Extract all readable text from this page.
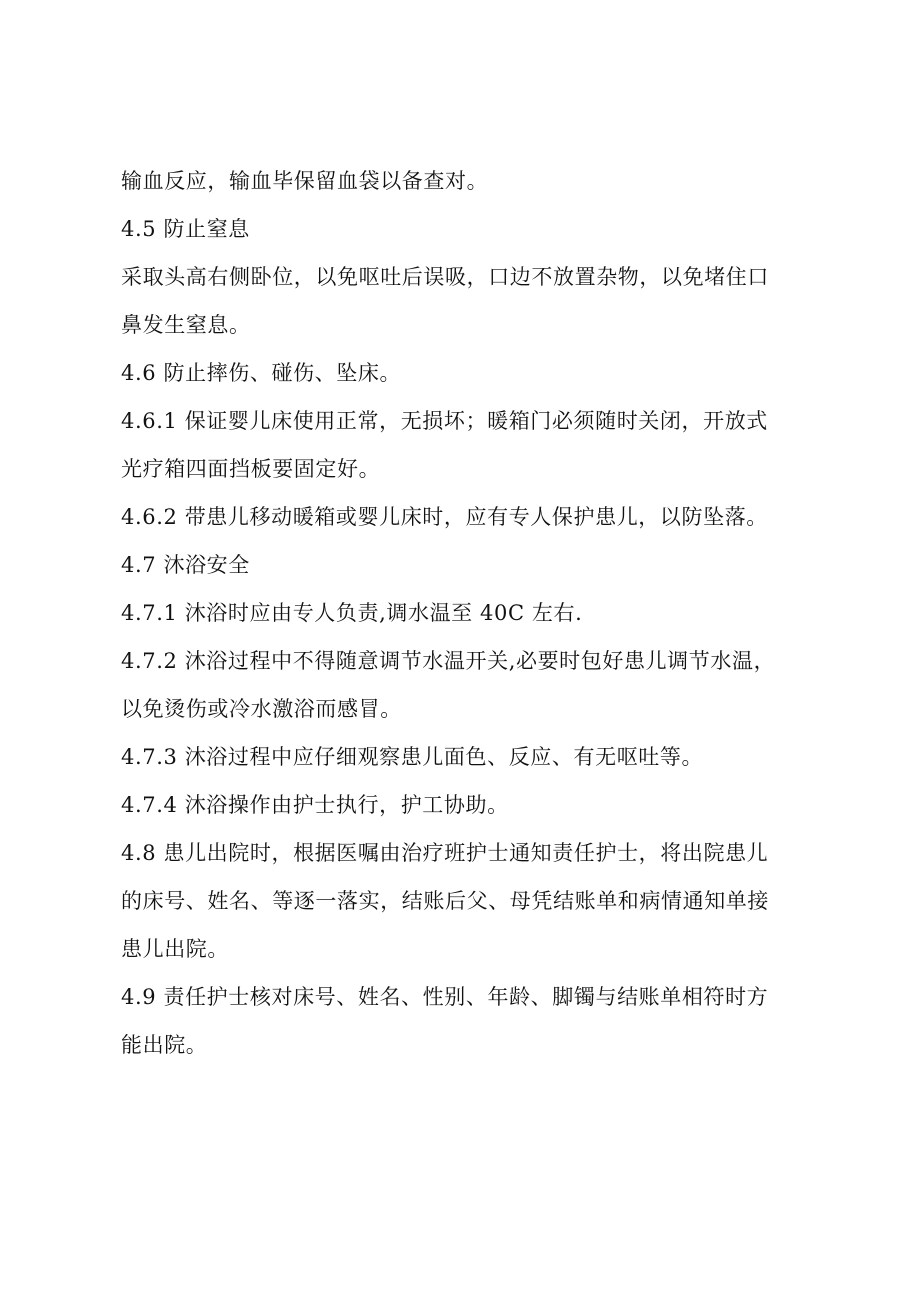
输血反应，输血毕保留血袋以备查对。
4.5 防止窒息
采取头高右侧卧位，以免呕吐后误吸，口边不放置杂物，以免堵住口
鼻发生窒息。
4.6 防止摔伤、碰伤、坠床。
4.6.1 保证婴儿床使用正常，无损坏；暖箱门必须随时关闭，开放式
光疗箱四面挡板要固定好。
4.6.2 带患儿移动暖箱或婴儿床时，应有专人保护患儿，以防坠落。
4.7 沐浴安全
4.7.1 沐浴时应由专人负责,调水温至 40C 左右.
4.7.2 沐浴过程中不得随意调节水温开关,必要时包好患儿调节水温，
以免烫伤或冷水激浴而感冒。
4.7.3 沐浴过程中应仔细观察患儿面色、反应、有无呕吐等。
4.7.4 沐浴操作由护士执行，护工协助。
4.8 患儿出院时，根据医嘱由治疗班护士通知责任护士，将出院患儿
的床号、姓名、等逐一落实，结账后父、母凭结账单和病情通知单接
患儿出院。
4.9 责任护士核对床号、姓名、性别、年龄、脚镯与结账单相符时方
能出院。
